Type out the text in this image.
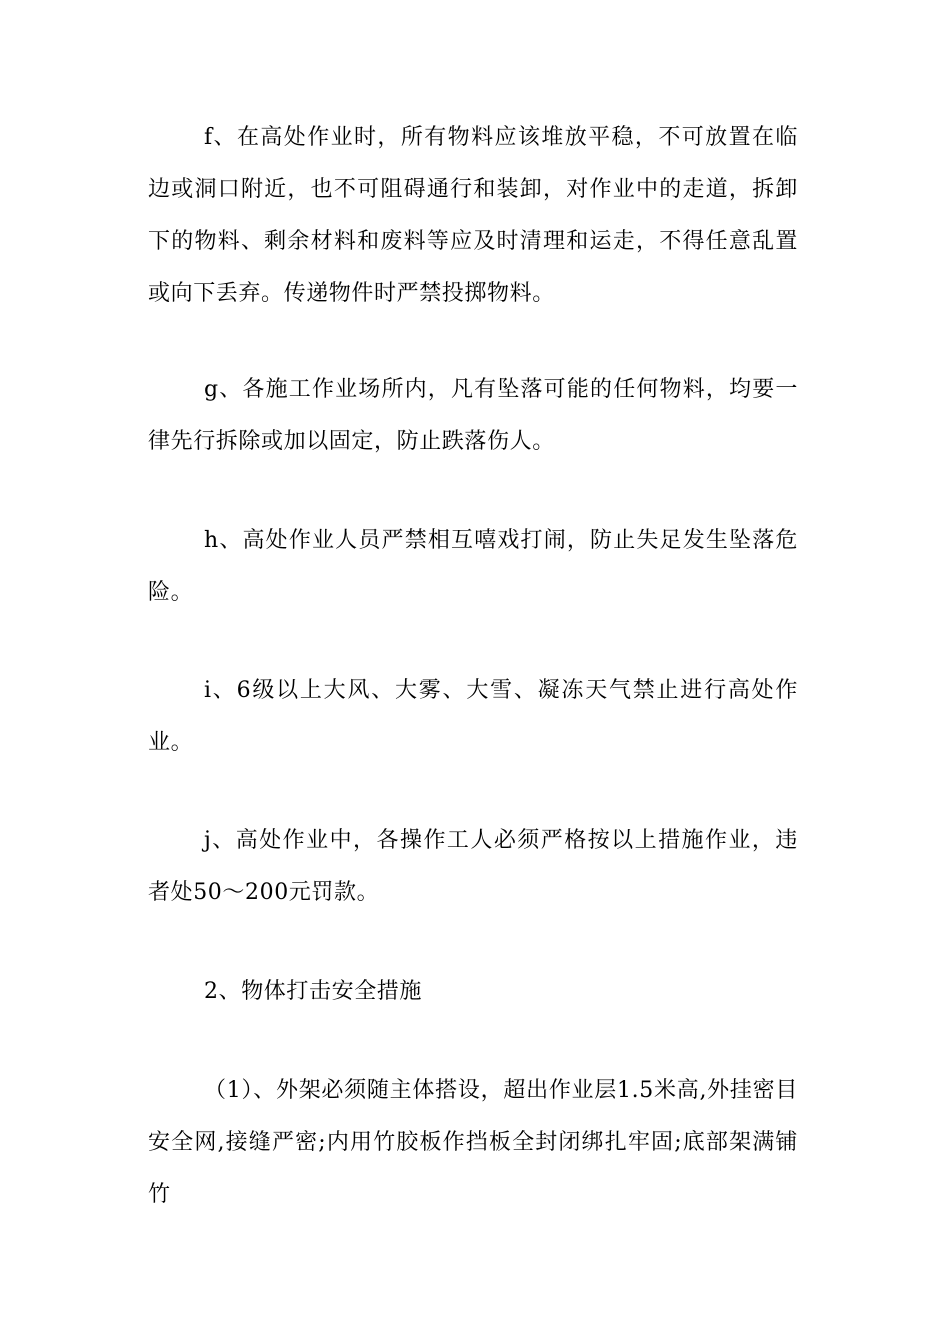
f、在高处作业时，所有物料应该堆放平稳，不可放置在临边或洞口附近，也不可阻碍通行和装卸，对作业中的走道，拆卸下的物料、剩余材料和废料等应及时清理和运走，不得任意乱置或向下丢弃。传递物件时严禁投掷物料。

g、各施工作业场所内，凡有坠落可能的任何物料，均要一律先行拆除或加以固定，防止跌落伤人。

h、高处作业人员严禁相互嘻戏打闹，防止失足发生坠落危险。

i、6级以上大风、大雾、大雪、凝冻天气禁止进行高处作业。

j、高处作业中，各操作工人必须严格按以上措施作业，违者处50～200元罚款。

2、物体打击安全措施

（1）、外架必须随主体搭设，超出作业层1.5米高,外挂密目安全网,接缝严密;内用竹胶板作挡板全封闭绑扎牢固;底部架满铺竹
